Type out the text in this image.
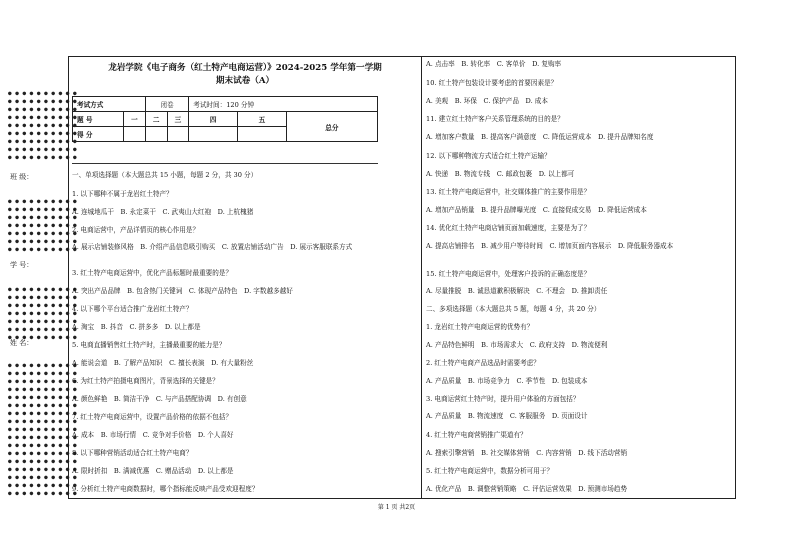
● ● ● ● ● ● ● ● ● ●
● ● ● ● ● ● ● ● ● ●
● ● ● ● ● ● ● ● ● ●
● ● ● ● ● ● ● ● ● ●
● ● ● ● ● ● ● ● ● ●
● ● ● ● ● ● ● ● ● ●
● ● ● ● ● ● ● ● ● ●
● ● ● ● ● ● ● ● ● ●
● ● ● ● ● ● ● ● ● ●
班 级：
● ● ● ● ● ● ● ● ● ●
● ● ● ● ● ● ● ● ● ●
● ● ● ● ● ● ● ● ● ●
● ● ● ● ● ● ● ● ● ●
● ● ● ● ● ● ● ● ● ●
● ● ● ● ● ● ● ● ● ●
● ● ● ● ● ● ● ● ● ●
学 号：
● ● ● ● ● ● ● ● ● ●
● ● ● ● ● ● ● ● ● ●
● ● ● ● ● ● ● ● ● ●
● ● ● ● ● ● ● ● ● ●
● ● ● ● ● ● ● ● ● ●
● ● ● ● ● ● ● ● ● ●
● ● ● ● ● ● ● ● ● ●
姓 名：
● ● ● ● ● ● ● ● ● ●
● ● ● ● ● ● ● ● ● ●
● ● ● ● ● ● ● ● ● ●
● ● ● ● ● ● ● ● ● ●
● ● ● ● ● ● ● ● ● ●
● ● ● ● ● ● ● ● ● ●
● ● ● ● ● ● ● ● ● ●
● ● ● ● ● ● ● ● ● ●
● ● ● ● ● ● ● ● ● ●
● ● ● ● ● ● ● ● ● ●
● ● ● ● ● ● ● ● ● ●
● ● ● ● ● ● ● ● ● ●
● ● ● ● ● ● ● ● ● ●
● ● ● ● ● ● ● ● ● ●
● ● ● ● ● ● ● ● ● ●
● ● ● ● ● ● ● ● ● ●
● ● ● ● ● ● ● ● ● ●
龙岩学院《电子商务（红土特产电商运营）》2024-2025 学年第一学期
期末试卷（A）
考试方式		闭卷		考试时间：120 分钟		
题 号	一	二	三	四	五	总分
得 分						
一、单项选择题（本大题总共 15 小题，每题 2 分，共 30 分）
1. 以下哪种不属于龙岩红土特产？
A. 连城地瓜干　B. 永定菜干　C. 武夷山大红袍　D. 上杭槐猪
2. 电商运营中，产品详情页的核心作用是？
A. 展示店铺装修风格　B. 介绍产品信息吸引购买　C. 放置店铺活动广告　D. 展示客服联系方式
3. 红土特产电商运营中，优化产品标题时最重要的是？
A. 突出产品品牌　B. 包含热门关键词　C. 体现产品特色　D. 字数越多越好
4. 以下哪个平台适合推广龙岩红土特产？
A. 淘宝　B. 抖音　C. 拼多多　D. 以上都是
5. 电商直播销售红土特产时，主播最重要的能力是？
A. 能说会道　B. 了解产品知识　C. 擅长表演　D. 有大量粉丝
6. 为红土特产拍摄电商图片，背景选择的关键是？
A. 颜色鲜艳　B. 简洁干净　C. 与产品搭配协调　D. 有创意
7. 红土特产电商运营中，设置产品价格的依据不包括？
A. 成本　B. 市场行情　C. 竞争对手价格　D. 个人喜好
8. 以下哪种营销活动适合红土特产电商？
A. 限时折扣　B. 满减优惠　C. 赠品活动　D. 以上都是
9. 分析红土特产电商数据时，哪个指标能反映产品受欢迎程度？
A. 点击率　B. 转化率　C. 客单价　D. 复购率
10. 红土特产包装设计要考虑的首要因素是？
A. 美观　B. 环保　C. 保护产品　D. 成本
11. 建立红土特产客户关系管理系统的目的是？
A. 增加客户数量　B. 提高客户满意度　C. 降低运营成本　D. 提升品牌知名度
12. 以下哪种物流方式适合红土特产运输？
A. 快递　B. 物流专线　C. 邮政包裹　D. 以上都可
13. 红土特产电商运营中，社交媒体推广的主要作用是？
A. 增加产品销量　B. 提升品牌曝光度　C. 直接促成交易　D. 降低运营成本
14. 优化红土特产电商店铺页面加载速度，主要是为了？
A. 提高店铺排名　B. 减少用户等待时间　C. 增加页面内容展示　D. 降低服务器成本
15. 红土特产电商运营中，处理客户投诉的正确态度是？
A. 尽量推脱　B. 诚恳道歉积极解决　C. 不理会　D. 推卸责任
二、多项选择题（本大题总共 5 题，每题 4 分，共 20 分）
1. 龙岩红土特产电商运营的优势有？
A. 产品特色鲜明　B. 市场需求大　C. 政府支持　D. 物流便利
2. 红土特产电商产品选品时需要考虑？
A. 产品质量　B. 市场竞争力　C. 季节性　D. 包装成本
3. 电商运营红土特产时，提升用户体验的方面包括？
A. 产品质量　B. 物流速度　C. 客服服务　D. 页面设计
4. 红土特产电商营销推广渠道有？
A. 搜索引擎营销　B. 社交媒体营销　C. 内容营销　D. 线下活动营销
5. 红土特产电商运营中，数据分析可用于？
A. 优化产品　B. 调整营销策略　C. 评估运营效果　D. 预测市场趋势
第 1 页 共2页
